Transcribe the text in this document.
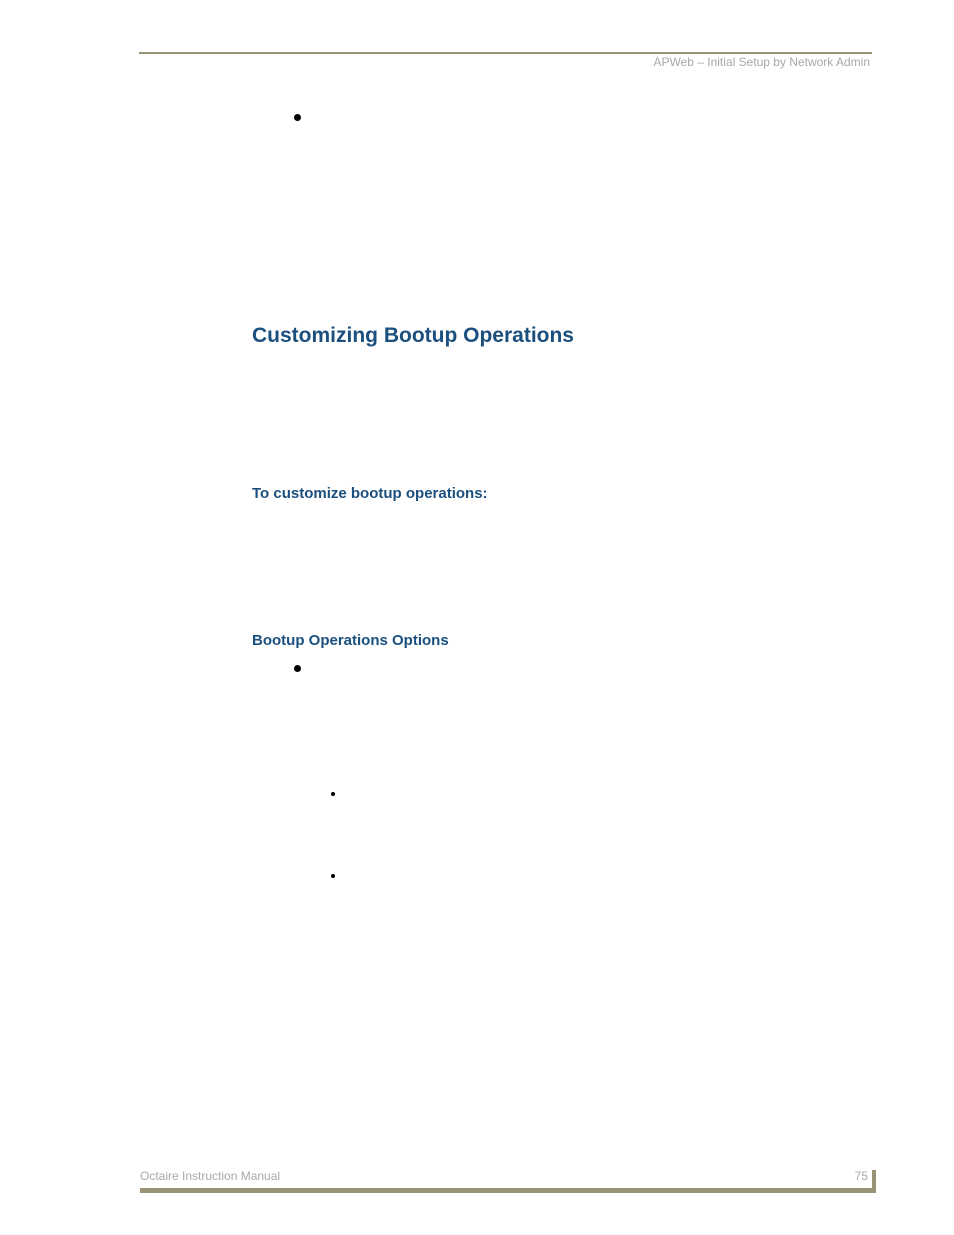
APWeb – Initial Setup by Network Admin
Customizing Bootup Operations
To customize bootup operations:
Bootup Operations Options
Octaire Instruction Manual	75
